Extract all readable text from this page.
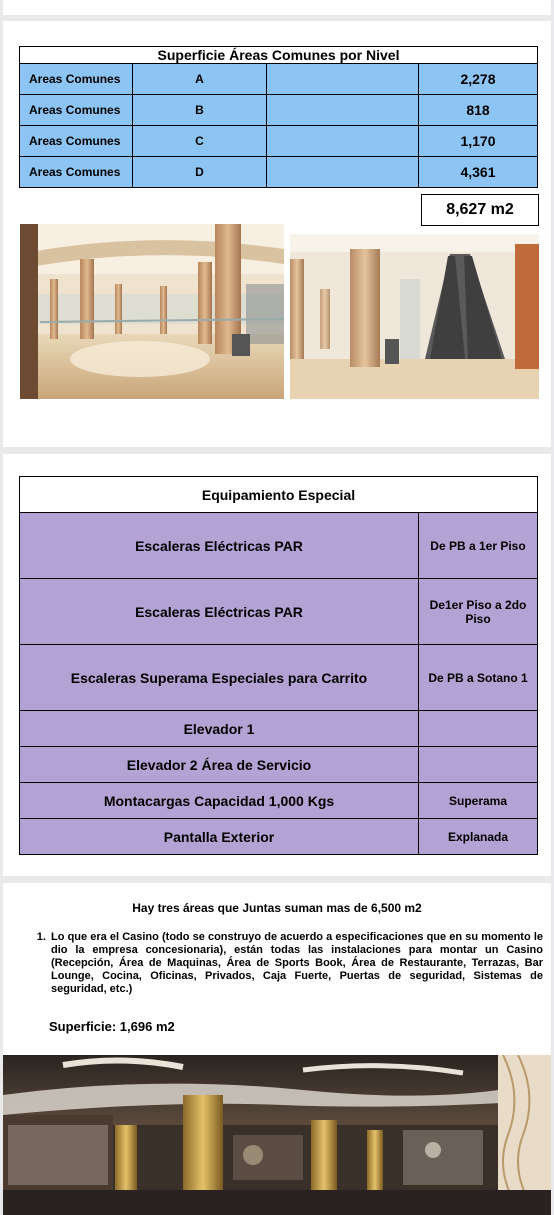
Superficie Áreas Comunes por Nivel			
Areas Comunes	A		2,278
Areas Comunes	B		818
Areas Comunes	C		1,170
Areas Comunes	D		4,361
8,627 m2
Equipamiento Especial	
Escaleras Eléctricas PAR	De PB a 1er Piso
Escaleras Eléctricas PAR	De1er Piso a 2do Piso
Escaleras Superama Especiales para Carrito	De PB a Sotano 1
Elevador 1	
Elevador 2 Área de Servicio	
Montacargas Capacidad 1,000 Kgs	Superama
Pantalla Exterior	Explanada
Hay tres áreas que Juntas suman mas de 6,500 m2
1. Lo que era el Casino (todo se construyo de acuerdo a especificaciones que en su momento le dio la empresa concesionaria), están todas las instalaciones para montar un Casino (Recepción, Área de Maquinas, Área de Sports Book, Área de Restaurante, Terrazas, Bar Lounge, Cocina, Oficinas, Privados, Caja Fuerte, Puertas de seguridad, Sistemas de seguridad, etc.)
Superficie: 1,696 m2
